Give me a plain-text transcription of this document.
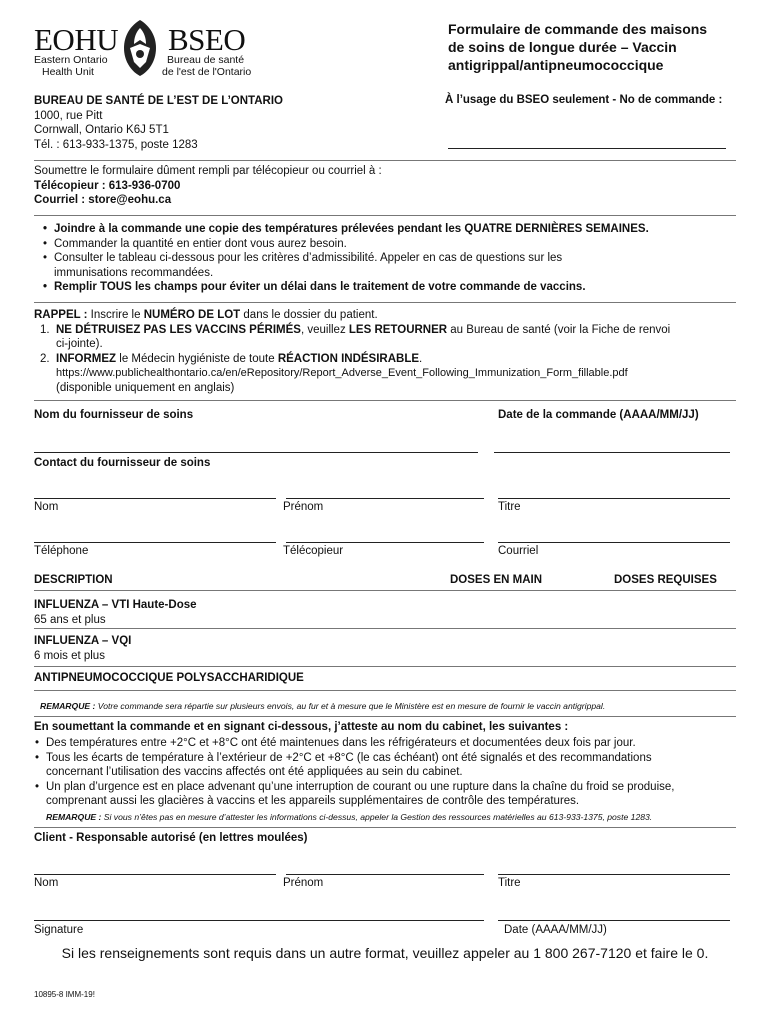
EOHU
Eastern Ontario
Health Unit
BSEO
Bureau de santé
de l'est de l'Ontario
Formulaire de commande des maisons
de soins de longue durée – Vaccin
antigrippal/antipneumococcique
BUREAU DE SANTÉ DE L’EST DE L’ONTARIO
1000, rue Pitt
Cornwall, Ontario K6J 5T1
Tél. : 613-933-1375, poste 1283
À l’usage du BSEO seulement - No de commande :
Soumettre le formulaire dûment rempli par télécopieur ou courriel à :
Télécopieur : 613-936-0700
Courriel : store@eohu.ca
• Joindre à la commande une copie des températures prélevées pendant les QUATRE DERNIÈRES SEMAINES.
• Commander la quantité en entier dont vous aurez besoin.
• Consulter le tableau ci-dessous pour les critères d’admissibilité. Appeler en cas de questions sur les
immunisations recommandées.
• Remplir TOUS les champs pour éviter un délai dans le traitement de votre commande de vaccins.
RAPPEL : Inscrire le NUMÉRO DE LOT dans le dossier du patient.
1. NE DÉTRUISEZ PAS LES VACCINS PÉRIMÉS, veuillez LES RETOURNER au Bureau de santé (voir la Fiche de renvoi
ci-jointe).
2. INFORMEZ le Médecin hygiéniste de toute RÉACTION INDÉSIRABLE.
https://www.publichealthontario.ca/en/eRepository/Report_Adverse_Event_Following_Immunization_Form_fillable.pdf
(disponible uniquement en anglais)
Nom du fournisseur de soins	Date de la commande (AAAA/MM/JJ)
Contact du fournisseur de soins
Nom	Prénom	Titre
Téléphone	Télécopieur	Courriel
DESCRIPTION	DOSES EN MAIN	DOSES REQUISES
INFLUENZA – VTI Haute-Dose
65 ans et plus
INFLUENZA – VQI
6 mois et plus
ANTIPNEUMOCOCCIQUE POLYSACCHARIDIQUE
REMARQUE : Votre commande sera répartie sur plusieurs envois, au fur et à mesure que le Ministère est en mesure de fournir le vaccin antigrippal.
En soumettant la commande et en signant ci-dessous, j’atteste au nom du cabinet, les suivantes :
• Des températures entre +2°C et +8°C ont été maintenues dans les réfrigérateurs et documentées deux fois par jour.
• Tous les écarts de température à l’extérieur de +2°C et +8°C (le cas échéant) ont été signalés et des recommandations
concernant l’utilisation des vaccins affectés ont été appliquées au sein du cabinet.
• Un plan d’urgence est en place advenant qu’une interruption de courant ou une rupture dans la chaîne du froid se produise,
comprenant aussi les glacières à vaccins et les appareils supplémentaires de contrôle des températures.
REMARQUE : Si vous n’êtes pas en mesure d’attester les informations ci-dessus, appeler la Gestion des ressources matérielles au 613-933-1375, poste 1283.
Client - Responsable autorisé (en lettres moulées)
Nom	Prénom	Titre
Signature	Date (AAAA/MM/JJ)
Si les renseignements sont requis dans un autre format, veuillez appeler au 1 800 267-7120 et faire le 0.
10895-8 IMM-19!
